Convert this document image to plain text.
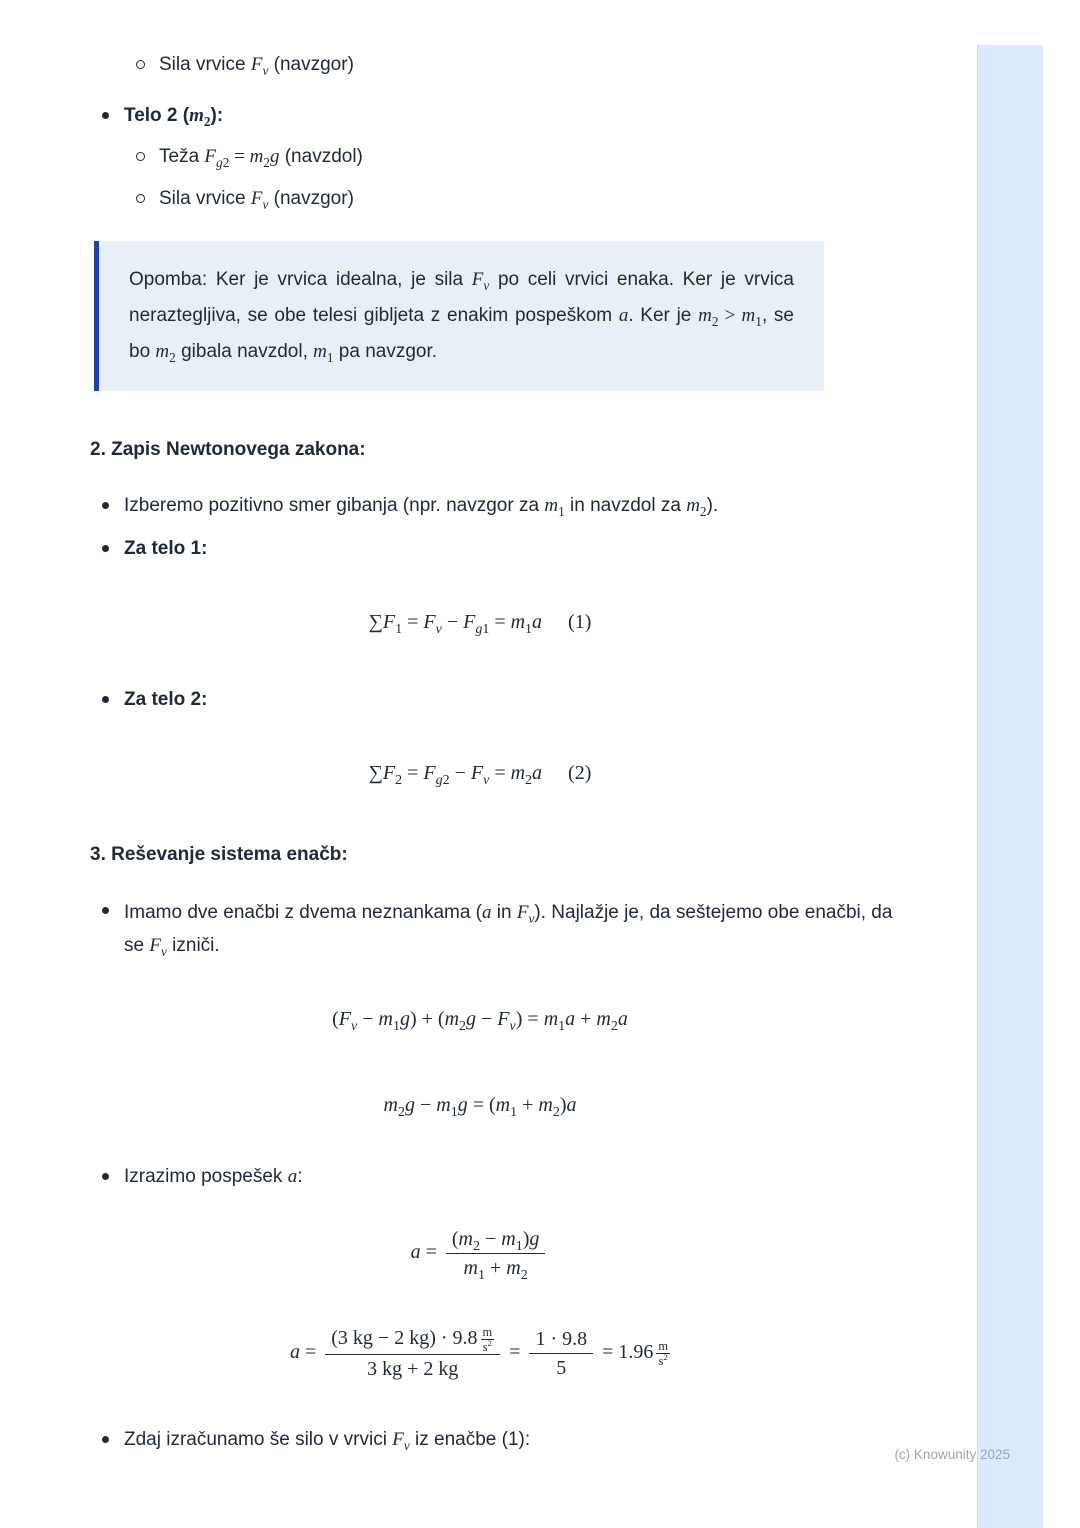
Sila vrvice $F_v$ (navzgor)
Telo 2 $(m_2)$:
Teža $F_{g2} = m_2g$ (navzdol)
Sila vrvice $F_v$ (navzgor)
Opomba: Ker je vrvica idealna, je sila $F_v$ po celi vrvici enaka. Ker je vrvica neraztegljiva, se obe telesi gibljeta z enakim pospeškom a. Ker je $m_2 > m_1$, se bo $m_2$ gibala navzdol, $m_1$ pa navzgor.
2. Zapis Newtonovega zakona:
Izberemo pozitivno smer gibanja (npr. navzgor za $m_1$ in navzdol za $m_2$).
Za telo 1:
$\sum F_1 = F_v - F_{g1} = m_1a$ (1)
Za telo 2:
$\sum F_2 = F_{g2} - F_v = m_2a$ (2)
3. Reševanje sistema enačb:
Imamo dve enačbi z dvema neznankama (a in $F_v$). Najlažje je, da seštejemo obe enačbi, da se $F_v$ izniči.
$(F_v - m_1g) + (m_2g - F_v) = m_1a + m_2a$
$m_2g - m_1g = (m_1 + m_2)a$
Izrazimo pospešek a:
$a = \frac{(m_2 - m_1)g}{m_1 + m_2}$
$a = \frac{(3 kg - 2 kg) \cdot 9.8 \frac{m}{s^2}}{3 kg + 2 kg} = \frac{1 \cdot 9.8}{5} = 1.96 \frac{m}{s^2}$
Zdaj izračunamo še silo v vrvici $F_v$ iz enačbe (1):
(c) Knowunity 2025
